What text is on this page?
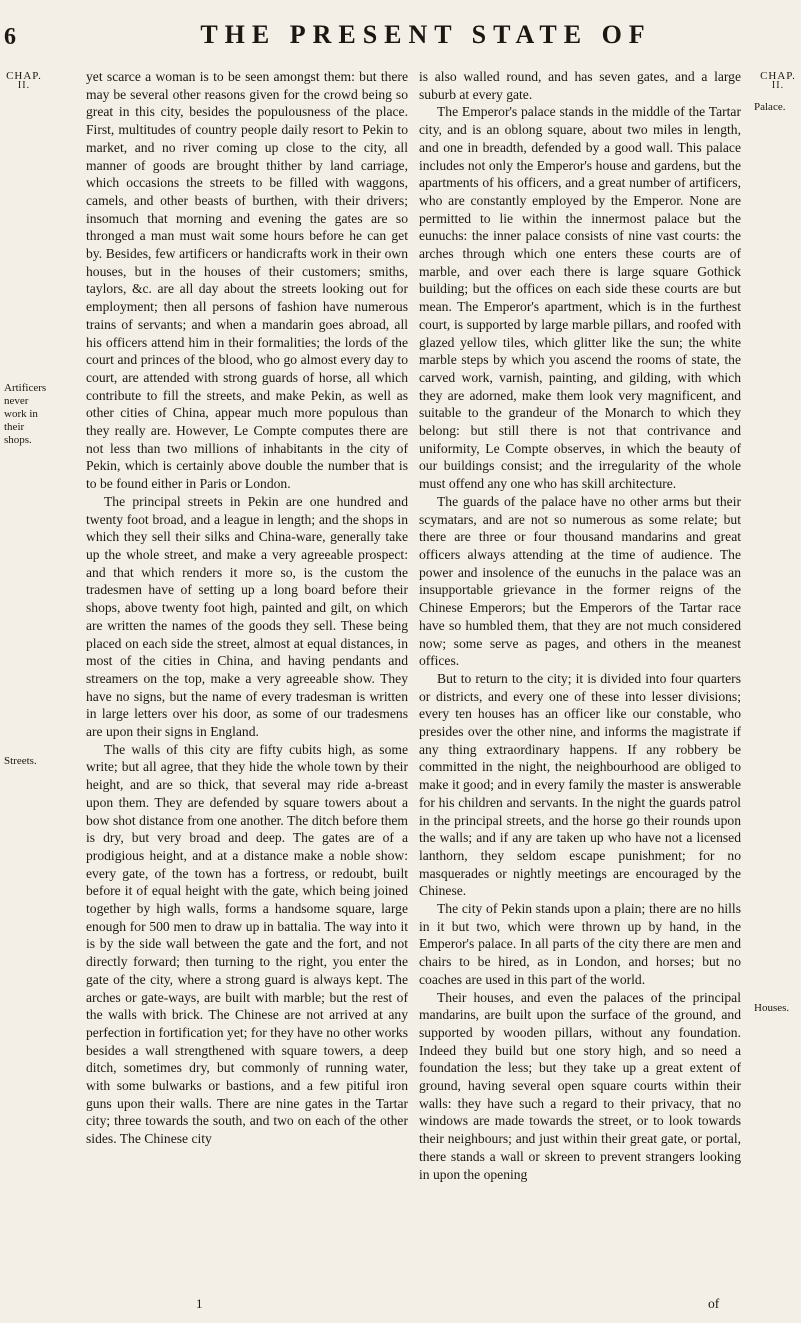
6	THE PRESENT STATE OF
CHAP.
II.
Artificers never work in their shops.
Streets.
CHAP.
II.
Palace.
Houses.

yet scarce a woman is to be seen amongst them: but there may be several other reasons given for the crowd being so great in this city, besides the populousness of the place. First, multitudes of country people daily resort to Pekin to market, and no river coming up close to the city, all manner of goods are brought thither by land carriage, which occasions the streets to be filled with waggons, camels, and other beasts of burthen, with their drivers; insomuch that morning and evening the gates are so thronged a man must wait some hours before he can get by. Besides, few artificers or handicrafts work in their own houses, but in the houses of their customers; smiths, taylors, &c. are all day about the streets looking out for employment; then all persons of fashion have numerous trains of servants; and when a mandarin goes abroad, all his officers attend him in their formalities; the lords of the court and princes of the blood, who go almost every day to court, are attended with strong guards of horse, all which contribute to fill the streets, and make Pekin, as well as other cities of China, appear much more populous than they really are. However, Le Compte computes there are not less than two millions of inhabitants in the city of Pekin, which is certainly above double the number that is to be found either in Paris or London.

The principal streets in Pekin are one hundred and twenty foot broad, and a league in length; and the shops in which they sell their silks and China-ware, generally take up the whole street, and make a very agreeable prospect: and that which renders it more so, is the custom the tradesmen have of setting up a long board before their shops, above twenty foot high, painted and gilt, on which are written the names of the goods they sell. These being placed on each side the street, almost at equal distances, in most of the cities in China, and having pendants and streamers on the top, make a very agreeable show. They have no signs, but the name of every tradesman is written in large letters over his door, as some of our tradesmens are upon their signs in England.

The walls of this city are fifty cubits high, as some write; but all agree, that they hide the whole town by their height, and are so thick, that several may ride a-breast upon them. They are defended by square towers about a bow shot distance from one another. The ditch before them is dry, but very broad and deep. The gates are of a prodigious height, and at a distance make a noble show: every gate, of the town has a fortress, or redoubt, built before it of equal height with the gate, which being joined together by high walls, forms a handsome square, large enough for 500 men to draw up in battalia. The way into it is by the side wall between the gate and the fort, and not directly forward; then turning to the right, you enter the gate of the city, where a strong guard is always kept. The arches or gate-ways, are built with marble; but the rest of the walls with brick. The Chinese are not arrived at any perfection in fortification yet; for they have no other works besides a wall strengthened with square towers, a deep ditch, sometimes dry, but commonly of running water, with some bulwarks or bastions, and a few pitiful iron guns upon their walls. There are nine gates in the Tartar city; three towards the south, and two on each of the other sides. The Chinese city

is also walled round, and has seven gates, and a large suburb at every gate.

The Emperor's palace stands in the middle of the Tartar city, and is an oblong square, about two miles in length, and one in breadth, defended by a good wall. This palace includes not only the Emperor's house and gardens, but the apartments of his officers, and a great number of artificers, who are constantly employed by the Emperor. None are permitted to lie within the innermost palace but the eunuchs: the inner palace consists of nine vast courts: the arches through which one enters these courts are of marble, and over each there is large square Gothick building; but the offices on each side these courts are but mean. The Emperor's apartment, which is in the furthest court, is supported by large marble pillars, and roofed with glazed yellow tiles, which glitter like the sun; the white marble steps by which you ascend the rooms of state, the carved work, varnish, painting, and gilding, with which they are adorned, make them look very magnificent, and suitable to the grandeur of the Monarch to which they belong: but still there is not that contrivance and uniformity, Le Compte observes, in which the beauty of our buildings consist; and the irregularity of the whole must offend any one who has skill architecture.

The guards of the palace have no other arms but their scymatars, and are not so numerous as some relate; but there are three or four thousand mandarins and great officers always attending at the time of audience. The power and insolence of the eunuchs in the palace was an insupportable grievance in the former reigns of the Chinese Emperors; but the Emperors of the Tartar race have so humbled them, that they are not much considered now; some serve as pages, and others in the meanest offices.

But to return to the city; it is divided into four quarters or districts, and every one of these into lesser divisions; every ten houses has an officer like our constable, who presides over the other nine, and informs the magistrate if any thing extraordinary happens. If any robbery be committed in the night, the neighbourhood are obliged to make it good; and in every family the master is answerable for his children and servants. In the night the guards patrol in the principal streets, and the horse go their rounds upon the walls; and if any are taken up who have not a licensed lanthorn, they seldom escape punishment; for no masquerades or nightly meetings are encouraged by the Chinese.

The city of Pekin stands upon a plain; there are no hills in it but two, which were thrown up by hand, in the Emperor's palace. In all parts of the city there are men and chairs to be hired, as in London, and horses; but no coaches are used in this part of the world.

Their houses, and even the palaces of the principal mandarins, are built upon the surface of the ground, and supported by wooden pillars, without any foundation. Indeed they build but one story high, and so need a foundation the less; but they take up a great extent of ground, having several open square courts within their walls: they have such a regard to their privacy, that no windows are made towards the street, or to look towards their neighbours; and just within their great gate, or portal, there stands a wall or skreen to prevent strangers looking in upon the opening

1	of
